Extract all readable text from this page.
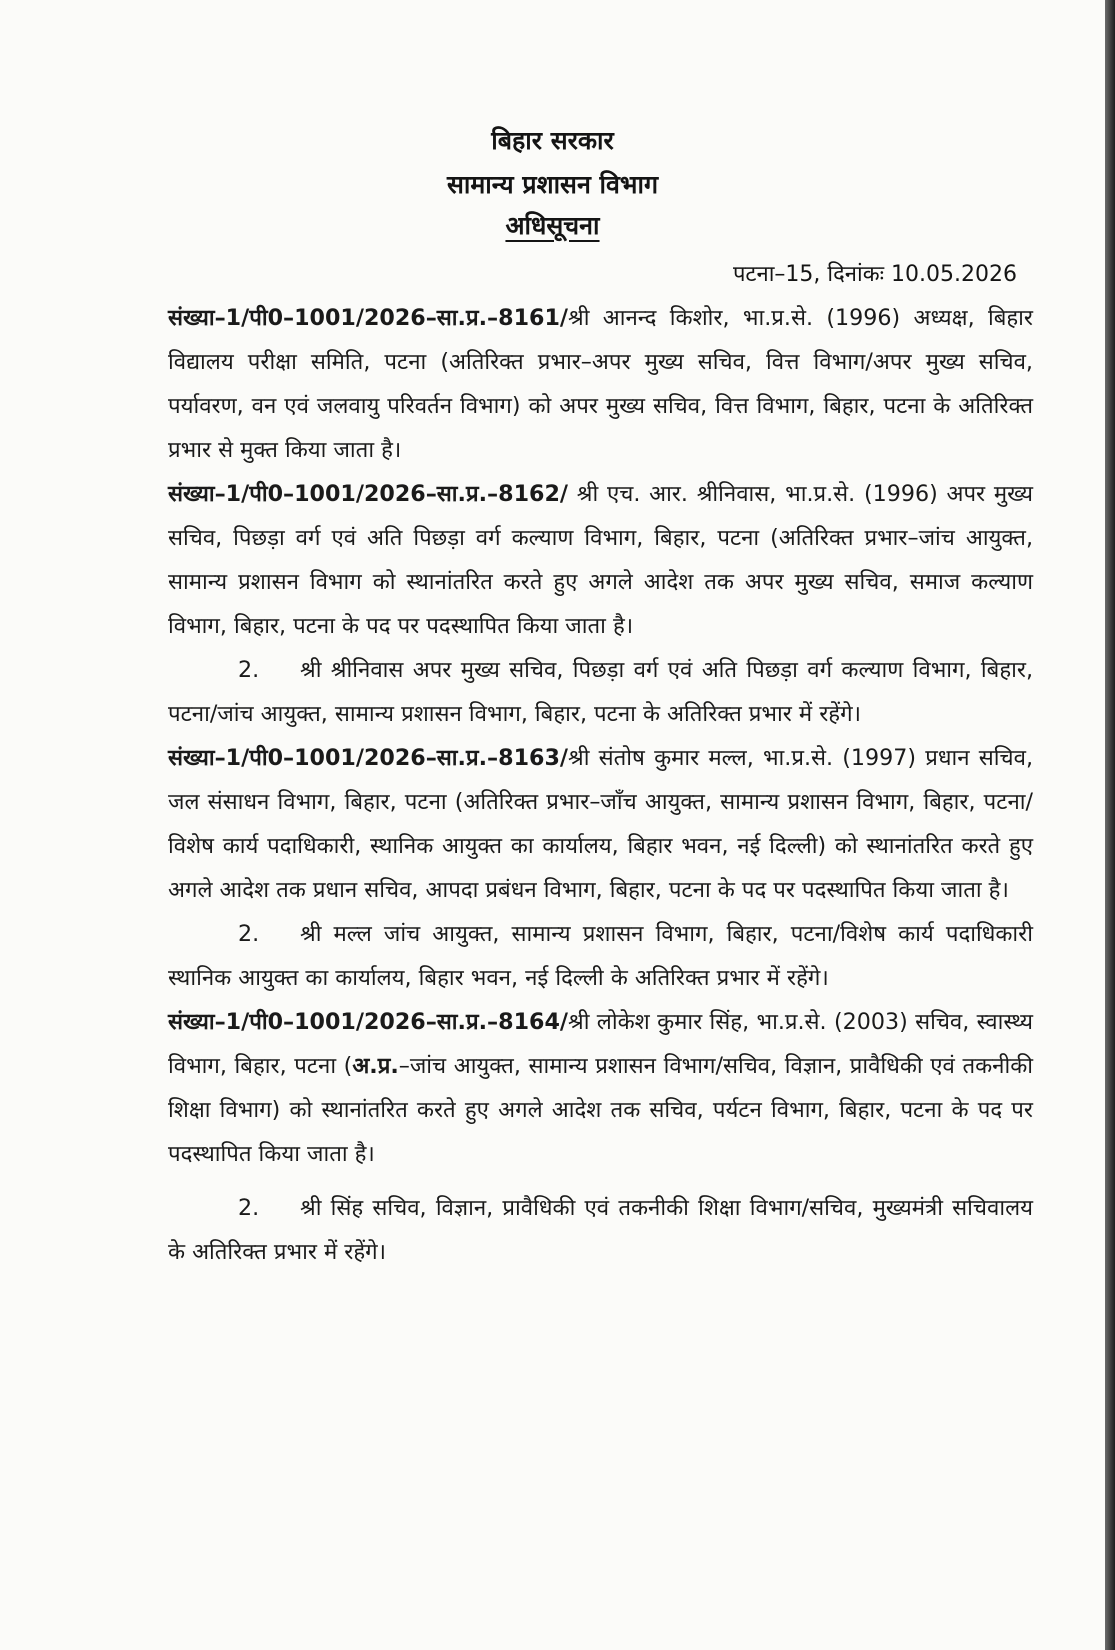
बिहार सरकार
सामान्य प्रशासन विभाग
अधिसूचना
पटना–15, दिनांकः 10.05.2026

संख्या–1/पी0–1001/2026–सा.प्र.–8161/श्री आनन्द किशोर, भा.प्र.से. (1996) अध्यक्ष, बिहार विद्यालय परीक्षा समिति, पटना (अतिरिक्त प्रभार–अपर मुख्य सचिव, वित्त विभाग/अपर मुख्य सचिव, पर्यावरण, वन एवं जलवायु परिवर्तन विभाग) को अपर मुख्य सचिव, वित्त विभाग, बिहार, पटना के अतिरिक्त प्रभार से मुक्त किया जाता है।

संख्या–1/पी0–1001/2026–सा.प्र.–8162/ श्री एच. आर. श्रीनिवास, भा.प्र.से. (1996) अपर मुख्य सचिव, पिछड़ा वर्ग एवं अति पिछड़ा वर्ग कल्याण विभाग, बिहार, पटना (अतिरिक्त प्रभार–जांच आयुक्त, सामान्य प्रशासन विभाग को स्थानांतरित करते हुए अगले आदेश तक अपर मुख्य सचिव, समाज कल्याण विभाग, बिहार, पटना के पद पर पदस्थापित किया जाता है।

2. श्री श्रीनिवास अपर मुख्य सचिव, पिछड़ा वर्ग एवं अति पिछड़ा वर्ग कल्याण विभाग, बिहार, पटना/जांच आयुक्त, सामान्य प्रशासन विभाग, बिहार, पटना के अतिरिक्त प्रभार में रहेंगे।

संख्या–1/पी0–1001/2026–सा.प्र.–8163/श्री संतोष कुमार मल्ल, भा.प्र.से. (1997) प्रधान सचिव, जल संसाधन विभाग, बिहार, पटना (अतिरिक्त प्रभार–जाँच आयुक्त, सामान्य प्रशासन विभाग, बिहार, पटना/विशेष कार्य पदाधिकारी, स्थानिक आयुक्त का कार्यालय, बिहार भवन, नई दिल्ली) को स्थानांतरित करते हुए अगले आदेश तक प्रधान सचिव, आपदा प्रबंधन विभाग, बिहार, पटना के पद पर पदस्थापित किया जाता है।

2. श्री मल्ल जांच आयुक्त, सामान्य प्रशासन विभाग, बिहार, पटना/विशेष कार्य पदाधिकारी स्थानिक आयुक्त का कार्यालय, बिहार भवन, नई दिल्ली के अतिरिक्त प्रभार में रहेंगे।

संख्या–1/पी0–1001/2026–सा.प्र.–8164/श्री लोकेश कुमार सिंह, भा.प्र.से. (2003) सचिव, स्वास्थ्य विभाग, बिहार, पटना (अ.प्र.–जांच आयुक्त, सामान्य प्रशासन विभाग/सचिव, विज्ञान, प्रावैधिकी एवं तकनीकी शिक्षा विभाग) को स्थानांतरित करते हुए अगले आदेश तक सचिव, पर्यटन विभाग, बिहार, पटना के पद पर पदस्थापित किया जाता है।

2. श्री सिंह सचिव, विज्ञान, प्रावैधिकी एवं तकनीकी शिक्षा विभाग/सचिव, मुख्यमंत्री सचिवालय के अतिरिक्त प्रभार में रहेंगे।
